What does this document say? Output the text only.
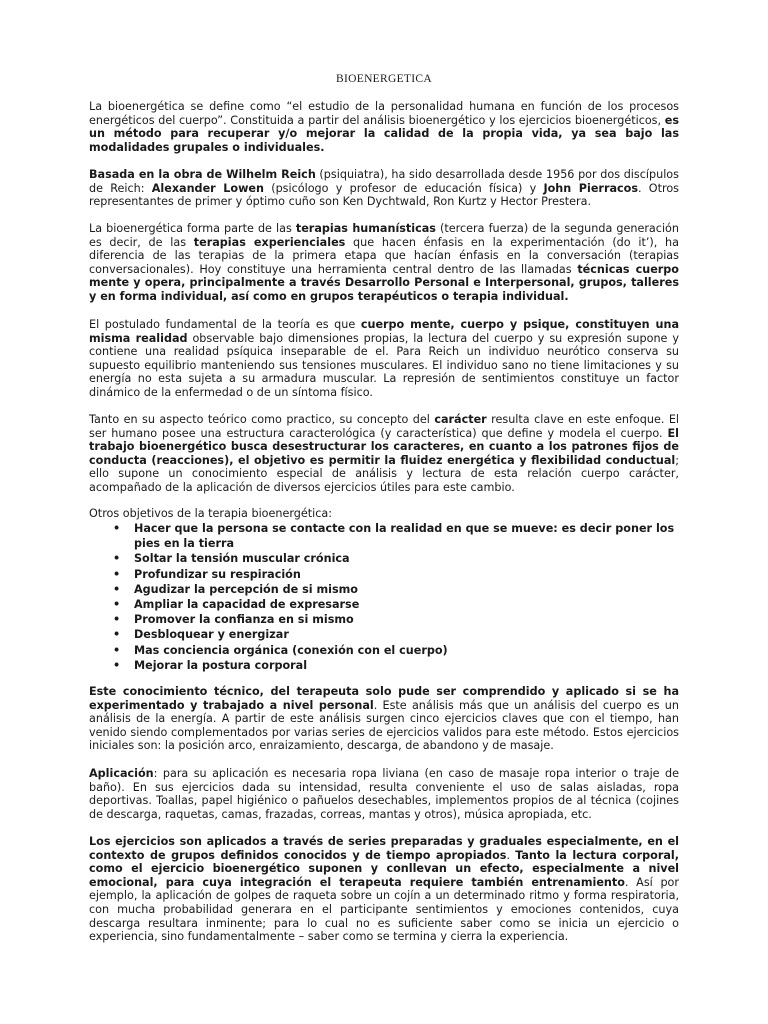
BIOENERGETICA

La bioenergética se define como “el estudio de la personalidad humana en función de los procesos energéticos del cuerpo”. Constituida a partir del análisis bioenergético y los ejercicios bioenergéticos, es un método para recuperar y/o mejorar la calidad de la propia vida, ya sea bajo las modalidades grupales o individuales.

Basada en la obra de Wilhelm Reich (psiquiatra), ha sido desarrollada desde 1956 por dos discípulos de Reich: Alexander Lowen (psicólogo y profesor de educación física) y John Pierracos. Otros representantes de primer y óptimo cuño son Ken Dychtwald, Ron Kurtz y Hector Prestera.

La bioenergética forma parte de las terapias humanísticas (tercera fuerza) de la segunda generación es decir, de las terapias experienciales que hacen énfasis en la experimentación (do it’), ha diferencia de las terapias de la primera etapa que hacían énfasis en la conversación (terapias conversacionales). Hoy constituye una herramienta central dentro de las llamadas técnicas cuerpo mente y opera, principalmente a través Desarrollo Personal e Interpersonal, grupos, talleres y en forma individual, así como en grupos terapéuticos o terapia individual.

El postulado fundamental de la teoría es que cuerpo mente, cuerpo y psique, constituyen una misma realidad observable bajo dimensiones propias, la lectura del cuerpo y su expresión supone y contiene una realidad psíquica inseparable de el. Para Reich un individuo neurótico conserva su supuesto equilibrio manteniendo sus tensiones musculares. El individuo sano no tiene limitaciones y su energía no esta sujeta a su armadura muscular. La represión de sentimientos constituye un factor dinámico de la enfermedad o de un síntoma físico.

Tanto en su aspecto teórico como practico, su concepto del carácter resulta clave en este enfoque. El ser humano posee una estructura caracterológica (y característica) que define y modela el cuerpo. El trabajo bioenergético busca desestructurar los caracteres, en cuanto a los patrones fijos de conducta (reacciones), el objetivo es permitir la fluidez energética y flexibilidad conductual; ello supone un conocimiento especial de análisis y lectura de esta relación cuerpo carácter, acompañado de la aplicación de diversos ejercicios útiles para este cambio.

Otros objetivos de la terapia bioenergética:

• Hacer que la persona se contacte con la realidad en que se mueve: es decir poner los pies en la tierra
• Soltar la tensión muscular crónica
• Profundizar su respiración
• Agudizar la percepción de si mismo
• Ampliar la capacidad de expresarse
• Promover la confianza en si mismo
• Desbloquear y energizar
• Mas conciencia orgánica (conexión con el cuerpo)
• Mejorar la postura corporal

Este conocimiento técnico, del terapeuta solo pude ser comprendido y aplicado si se ha experimentado y trabajado a nivel personal. Este análisis más que un análisis del cuerpo es un análisis de la energía. A partir de este análisis surgen cinco ejercicios claves que con el tiempo, han venido siendo complementados por varias series de ejercicios validos para este método. Estos ejercicios iniciales son: la posición arco, enraizamiento, descarga, de abandono y de masaje.

Aplicación: para su aplicación es necesaria ropa liviana (en caso de masaje ropa interior o traje de baño). En sus ejercicios dada su intensidad, resulta conveniente el uso de salas aisladas, ropa deportivas. Toallas, papel higiénico o pañuelos desechables, implementos propios de al técnica (cojines de descarga, raquetas, camas, frazadas, correas, mantas y otros), música apropiada, etc.

Los ejercicios son aplicados a través de series preparadas y graduales especialmente, en el contexto de grupos definidos conocidos y de tiempo apropiados. Tanto la lectura corporal, como el ejercicio bioenergético suponen y conllevan un efecto, especialmente a nivel emocional, para cuya integración el terapeuta requiere también entrenamiento. Así por ejemplo, la aplicación de golpes de raqueta sobre un cojín a un determinado ritmo y forma respiratoria, con mucha probabilidad generara en el participante sentimientos y emociones contenidos, cuya descarga resultara inminente; para lo cual no es suficiente saber como se inicia un ejercicio o experiencia, sino fundamentalmente – saber como se termina y cierra la experiencia.
